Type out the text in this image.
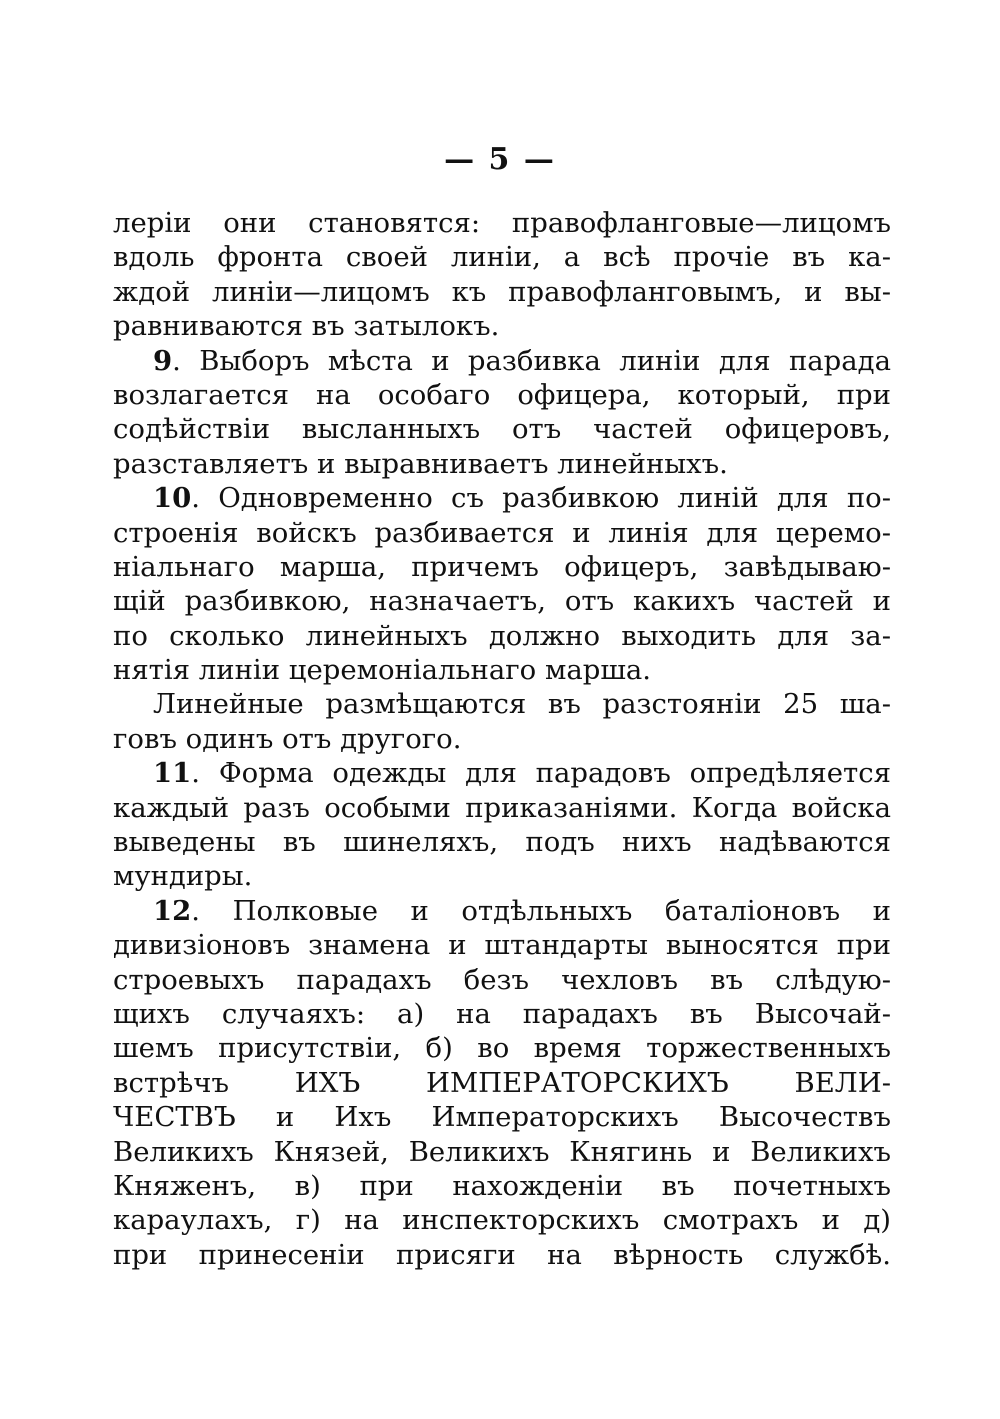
— 5 —
леріи они становятся: правофланговые—лицомъ
вдоль фронта своей линіи, а всѣ прочіе въ ка-
ждой линіи—лицомъ къ правофланговымъ, и вы-
равниваются въ затылокъ.
9. Выборъ мѣста и разбивка линіи для парада
возлагается на особаго офицера, который, при
содѣйствіи высланныхъ отъ частей офицеровъ,
разставляетъ и выравниваетъ линейныхъ.
10. Одновременно съ разбивкою линій для по-
строенія войскъ разбивается и линія для церемо-
ніальнаго марша, причемъ офицеръ, завѣдываю-
щій разбивкою, назначаетъ, отъ какихъ частей и
по сколько линейныхъ должно выходить для за-
нятія линіи церемоніальнаго марша.
Линейные размѣщаются въ разстояніи 25 ша-
говъ одинъ отъ другого.
11. Форма одежды для парадовъ опредѣляется
каждый разъ особыми приказаніями. Когда войска
выведены въ шинеляхъ, подъ нихъ надѣваются
мундиры.
12. Полковые и отдѣльныхъ баталіоновъ и
дивизіоновъ знамена и штандарты выносятся при
строевыхъ парадахъ безъ чехловъ въ слѣдую-
щихъ случаяхъ: а) на парадахъ въ Высочай-
шемъ присутствіи, б) во время торжественныхъ
встрѣчъ ИХЪ ИМПЕРАТОРСКИХЪ ВЕЛИ-
ЧЕСТВЪ и Ихъ Императорскихъ Высочествъ
Великихъ Князей, Великихъ Княгинь и Великихъ
Княженъ, в) при нахожденіи въ почетныхъ
караулахъ, г) на инспекторскихъ смотрахъ и д)
при принесеніи присяги на вѣрность службѣ.
